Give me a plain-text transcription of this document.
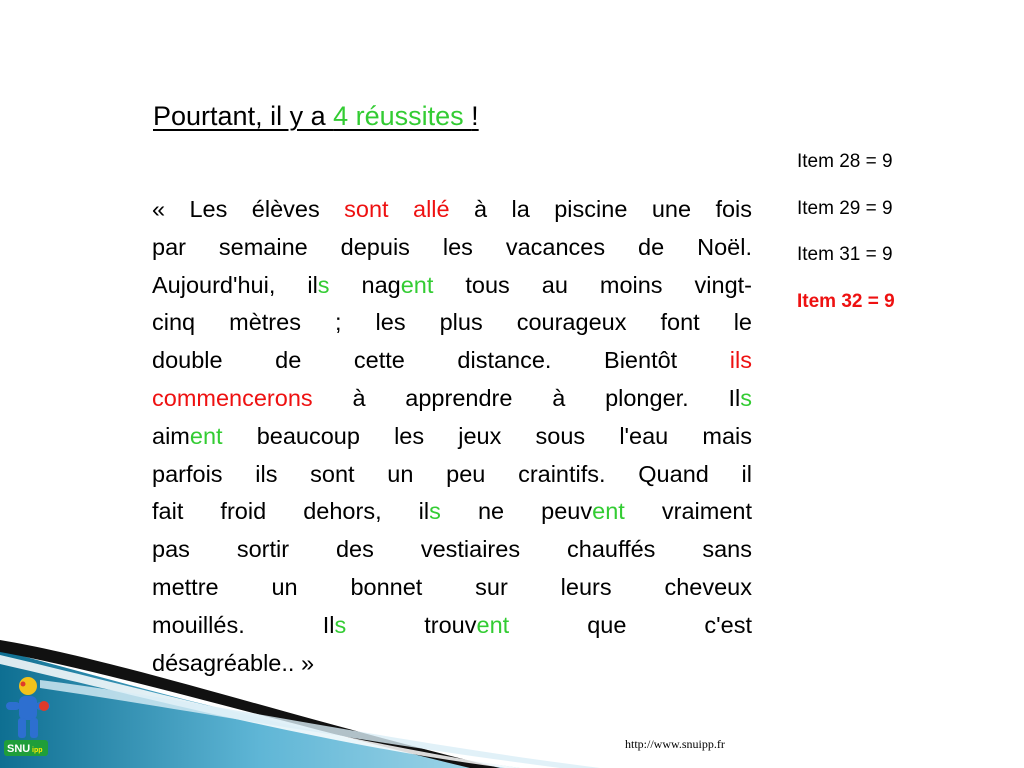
SNU ipp
Pourtant, il y a 4 réussites !
« Les élèves sont allé à la piscine une fois
par semaine depuis les vacances de Noël.
Aujourd'hui, ils nagent tous au moins vingt-
cinq mètres ; les plus courageux font le
double de cette distance. Bientôt ils
commencerons à apprendre à plonger. Ils
aiment beaucoup les jeux sous l'eau mais
parfois ils sont un peu craintifs. Quand il
fait froid dehors, ils ne peuvent vraiment
pas sortir des vestiaires chauffés sans
mettre un bonnet sur leurs cheveux
mouillés. Ils trouvent que c'est
désagréable.. »
Item 28 = 9
Item 29 = 9
Item 31 = 9
Item 32 = 9
http://www.snuipp.fr
